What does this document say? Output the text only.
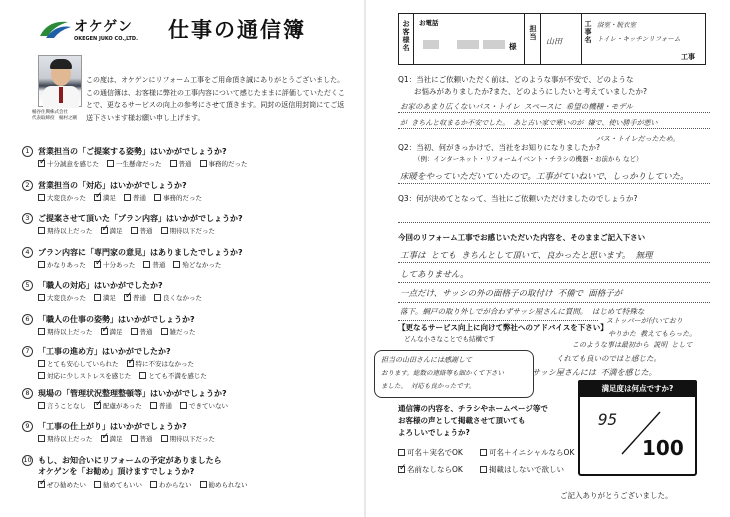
オケゲン
OKEGEN JUKO CO.,LTD. 仕事の通信簿
桶谷住興株式会社
代表取締役　桶村之剛
この度は、オケゲンにリフォーム工事をご用命頂き誠にありがとうございました。この通信簿は、お客様に弊社の工事内容について感じたままに評価していただくことで、更なるサービスの向上の参考にさせて頂きます。同封の返信用封筒にてご返送下さいます様お願い申し上げます。
1	営業担当の「ご提案する姿勢」はいかがでしょうか?
✓
十分誠意を感じた	一生懸命だった	普通	事務的だった
2	営業担当の「対応」はいかがでしょうか?
大変良かった ✓	満足	普通	事務的だった
3	ご提案させて頂いた「プラン内容」はいかがでしょうか?
期待以上だった ✓	満足	普通	期待以下だった
4	プラン内容に「専門家の意見」はありましたでしょうか?
かなりあった ✓	十分あった	普通	殆どなかった
5	「職人の対応」はいかがでしたか?
大変良かった	満足 ✓	普通	良くなかった
6	「職人の仕事の姿勢」はいかがでしょうか?
期待以上だった ✓	満足	普通	雑だった
7	「工事の進め方」はいかがでしたか?
とても安心していられた ✓	特に不安はなかった
対応に少しストレスを感じた	とても不満を感じた
8	現場の「管理状況整理整頓等」はいかがでしょうか?
言うことなし ✓	配慮があった	普通	できていない
9	「工事の仕上がり」はいかがでしょうか?
期待以上だった ✓	満足	普通	期待以下だった
10 もし、お知合いにリフォームの予定がありましたら
オケゲンを「お勧め」頂けますでしょうか?
✓
ぜひ勧めたい	勧めてもいい	わからない	勧められない
お客様名
お電話
様
担当 山田
工事名
浴室・脱衣室
トイレ・キッチンリフォーム
工事
Q1：当社にご依頼いただく前は、どのような事が不安で、どのような
お悩みがありましたか?また、どのようにしたいと考えていましたか?
お家のあまり広くないバス・トイレ スペースに 希望の機種・モデル
が きちんと収まるか不安でした。 あと古い家で寒いのが 嫌で、使い勝手が悪い
バス・トイレだったため。
Q2：当初、何がきっかけで、当社をお知りになりましたか?
（例：インターネット・リフォームイベント・チラシの機器・お前から など）
床暖をやっていただいていたので。工事がていねいで、しっかりしていた。
Q3：何が決めてとなって、当社にご依頼いただけましたのでしょうか?
今回のリフォーム工事でお感じいただいた内容を、そのままご記入下さい
工事は とても きちんとして頂いて、良かったと思います。 無理
してありません。
一点だけ、サッシの外の面格子の取付け 不備で 面格子が
落下。網戸の取り外しでが合わずサッシ屋さんに質問。 はじめて特殊な
ストッパーが付いており
やりかた 教えてもらった。
【更なるサービス向上に向けて弊社へのアドバイスを下さい】
どんな小さなことでも結構です
このような事は最初から 説明 として
くれても良いのではと感じた。
サッシ屋さんには 不満を感じた。
担当の山田さんには感謝して
おります。総数の連絡等も細かくて下さい
ました。 対応も良かったです。
通信簿の内容を、チラシやホームページ等で
お客様の声として掲載させて頂いても
よろしいでしょうか?
可名＋実名でOK	可名＋イニシャルならOK
✓
名前なしならOK	掲載はしないで欲しい
ご記入ありがとうございました。
満足度は何点ですか?
95
100
